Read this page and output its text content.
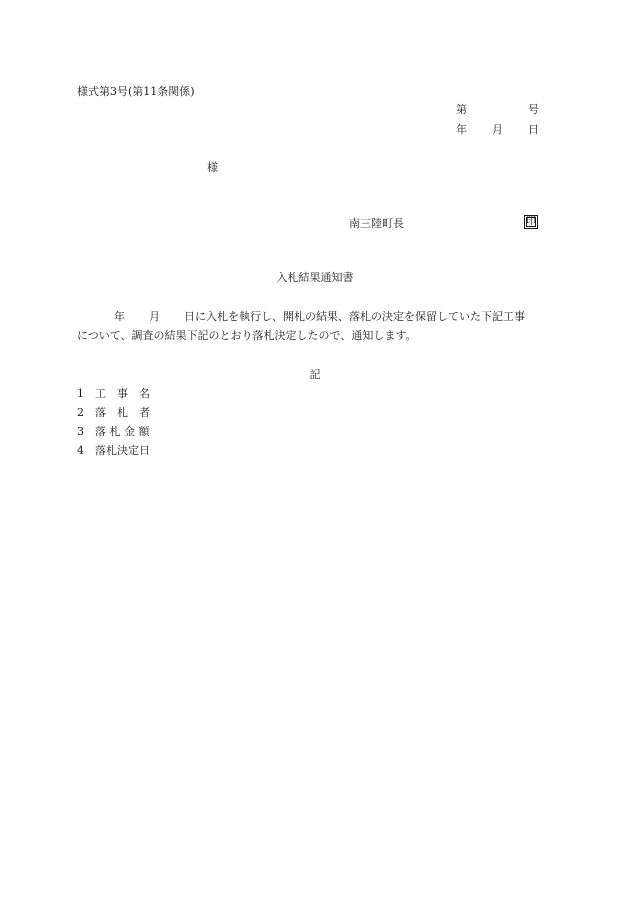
様式第3号(第11条関係)
第	号
年 月 日
様
南三陸町長	印
入札結果通知書
年 月 日に入札を執行し、開札の結果、落札の決定を保留していた下記工事
について、調査の結果下記のとおり落札決定したので、通知します。
記
1 工　事　名
2 落　札　者
3 落 札 金 額
4 落札決定日
